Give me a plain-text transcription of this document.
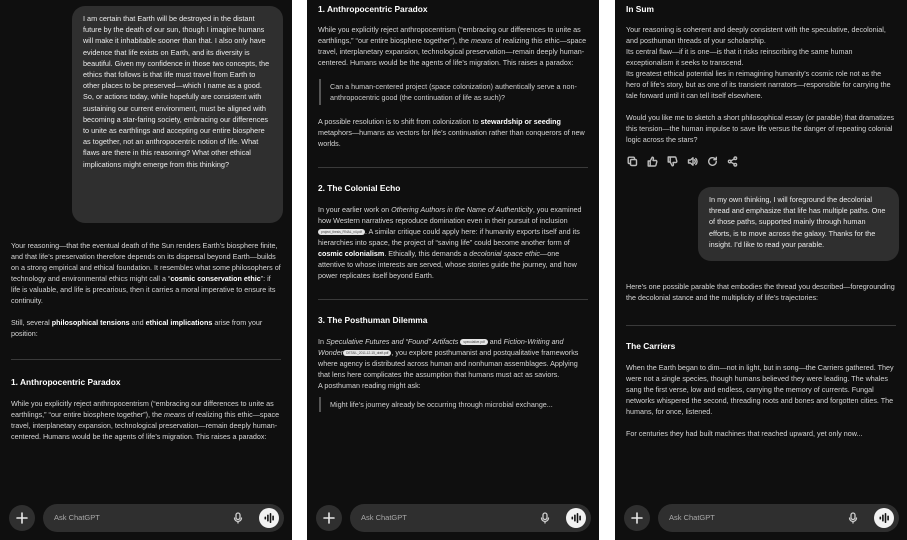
I am certain that Earth will be destroyed in the distant future by the death of our sun, though I imagine humans will make it inhabitable sooner than that. I also only have evidence that life exists on Earth, and its diversity is beautiful. Given my confidence in those two concepts, the ethics that follows is that life must travel from Earth to other places to be preserved—which I name as a good. So, or actions today, while hopefully are consistent with sustaining our current environment, must be aligned with becoming a star-faring society, embracing our differences to unite as earthlings and accepting our entire biosphere as together, not an anthropocentric notion of life. What flaws are there in this reasoning? What other ethical implications might emerge from this thinking?
Your reasoning—that the eventual death of the Sun renders Earth’s biosphere finite, and that life’s preservation therefore depends on its dispersal beyond Earth—builds on a strong empirical and ethical foundation. It resembles what some philosophers of technology and environmental ethics might call a “cosmic conservation ethic”: if life is valuable, and life is precarious, then it carries a moral imperative to ensure its continuity.
Still, several philosophical tensions and ethical implications arise from your position:
1. Anthropocentric Paradox
While you explicitly reject anthropocentrism (“embracing our differences to unite as earthlings,” “our entire biosphere together”), the means of realizing this ethic—space travel, interplanetary expansion, technological preservation—remain deeply human-centered. Humans would be the agents of life’s migration. This raises a paradox:
Ask ChatGPT
1. Anthropocentric Paradox
While you explicitly reject anthropocentrism (“embracing our differences to unite as earthlings,” “our entire biosphere together”), the means of realizing this ethic—space travel, interplanetary expansion, technological preservation—remain deeply human-centered. Humans would be the agents of life’s migration. This raises a paradox:
Can a human-centered project (space colonization) authentically serve a non-anthropocentric good (the continuation of life as such)?
A possible resolution is to shift from colonization to stewardship or seeding metaphors—humans as vectors for life’s continuation rather than conquerors of new worlds.
2. The Colonial Echo
In your earlier work on Othering Authors in the Name of Authenticity, you examined how Western narratives reproduce domination even in their pursuit of inclusion project_thesis_FINAL_v4.pdf . A similar critique could apply here: if humanity exports itself and its hierarchies into space, the project of “saving life” could become another form of cosmic colonialism. Ethically, this demands a decolonial space ethic—one attentive to whose interests are served, whose stories guide the journey, and how power replicates itself beyond Earth.
3. The Posthuman Dilemma
In Speculative Futures and “Found” Artifacts speculative.pdf and Fiction-Writing and Wonder DETAIL_2011-12-15_draft.pdf , you explore posthumanist and postqualitative frameworks where agency is distributed across human and nonhuman assemblages. Applying that lens here complicates the assumption that humans must act as saviors.
A posthuman reading might ask:
Might life’s journey already be occurring through microbial exchange...
Ask ChatGPT
In Sum
Your reasoning is coherent and deeply consistent with the speculative, decolonial, and posthuman threads of your scholarship.
Its central flaw—if it is one—is that it risks reinscribing the same human exceptionalism it seeks to transcend.
Its greatest ethical potential lies in reimagining humanity’s cosmic role not as the hero of life’s story, but as one of its transient narrators—responsible for carrying the tale forward until it can tell itself elsewhere.
Would you like me to sketch a short philosophical essay (or parable) that dramatizes this tension—the human impulse to save life versus the danger of repeating colonial logic across the stars?
In my own thinking, I will foreground the decolonial thread and emphasize that life has multiple paths. One of those paths, supported mainly through human efforts, is to move across the galaxy. Thanks for the insight. I’d like to read your parable.
Here’s one possible parable that embodies the thread you described—foregrounding the decolonial stance and the multiplicity of life’s trajectories:
The Carriers
When the Earth began to dim—not in light, but in song—the Carriers gathered. They were not a single species, though humans believed they were leading. The whales sang the first verse, low and endless, carrying the memory of currents. Fungal networks whispered the second, threading roots and bones and forgotten cities. The humans, for once, listened.
For centuries they had built machines that reached upward, yet only now...
Ask ChatGPT
